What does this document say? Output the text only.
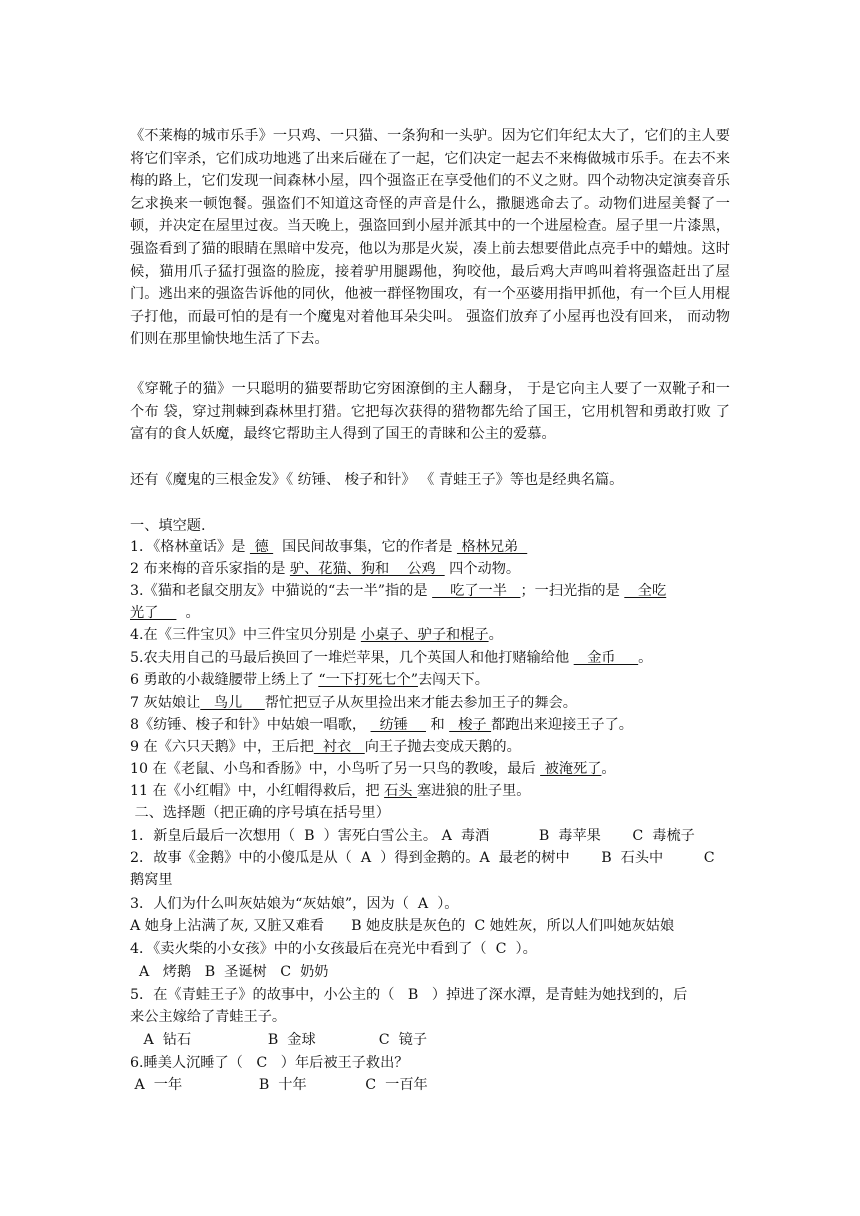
《不莱梅的城市乐手》一只鸡、一只猫、一条狗和一头驴。因为它们年纪太大了，它们的主人要将它们宰杀，它们成功地逃了出来后碰在了一起，它们决定一起去不来梅做城市乐手。在去不来梅的路上，它们发现一间森林小屋，四个强盗正在享受他们的不义之财。四个动物决定演奏音乐乞求换来一顿饱餐。强盗们不知道这奇怪的声音是什么，撒腿逃命去了。动物们进屋美餐了一顿，并决定在屋里过夜。当天晚上，强盗回到小屋并派其中的一个进屋检查。屋子里一片漆黑，强盗看到了猫的眼睛在黑暗中发亮，他以为那是火炭，凑上前去想要借此点亮手中的蜡烛。这时候，猫用爪子猛打强盗的脸庞，接着驴用腿踢他，狗咬他，最后鸡大声鸣叫着将强盗赶出了屋门。逃出来的强盗告诉他的同伙，他被一群怪物围攻，有一个巫婆用指甲抓他，有一个巨人用棍子打他，而最可怕的是有一个魔鬼对着他耳朵尖叫。 强盗们放弃了小屋再也没有回来， 而动物们则在那里愉快地生活了下去。

《穿靴子的猫》一只聪明的猫要帮助它穷困潦倒的主人翻身， 于是它向主人要了一双靴子和一个布 袋，穿过荆棘到森林里打猎。它把每次获得的猎物都先给了国王，它用机智和勇敢打败 了富有的食人妖魔，最终它帮助主人得到了国王的青睐和公主的爱慕。

还有《魔鬼的三根金发》《 纺锤、 梭子和针》 《 青蛙王子》等也是经典名篇。

一、填空题.
1．《格林童话》是  德   国民间故事集，它的作者是  格林兄弟
2 布来梅的音乐家指的是 驴、花猫、狗和    公鸡   四个动物。
3.《猫和老鼠交朋友》中猫说的“去一半”指的是     吃了一半   ；一扫光指的是    全吃
光了      。
4.在《三件宝贝》中三件宝贝分别是 小桌子、驴子和棍子。
5.农夫用自己的马最后换回了一堆烂苹果，几个英国人和他打赌输给他    金币     。
6 勇敢的小裁缝腰带上绣上了 “一下打死七个”去闯天下。
7 灰姑娘让   鸟儿     帮忙把豆子从灰里捡出来才能去参加王子的舞会。
8《纺锤、梭子和针》中姑娘一唱歌，   纺锤     和   梭子 都跑出来迎接王子了。
9 在《六只天鹅》中，王后把  衬衣   向王子抛去变成天鹅的。
10 在《老鼠、小鸟和香肠》中，小鸟听了另一只鸟的教唆，最后  被淹死了。
11 在《小红帽》中，小红帽得救后，把 石头 塞进狼的肚子里。
二、选择题（把正确的序号填在括号里）
1．新皇后最后一次想用（  B  ）害死白雪公主。 A  毒酒           B  毒苹果       C  毒梳子
2．故事《金鹅》中的小傻瓜是从（  A  ）得到金鹅的。A  最老的树中       B  石头中         C
鹅窝里
3．人们为什么叫灰姑娘为“灰姑娘”，因为（  A  ）。
A 她身上沾满了灰, 又脏又难看      B 她皮肤是灰色的  C 她姓灰，所以人们叫她灰姑娘
4．《卖火柴的小女孩》中的小女孩最后在亮光中看到了（  C  ）。
A   烤鹅   B  圣诞树   C  奶奶
5．在《青蛙王子》的故事中，小公主的（   B   ）掉进了深水潭，是青蛙为她找到的，后
来公主嫁给了青蛙王子。
A  钻石                 B  金球              C  镜子
6.睡美人沉睡了（   C   ）年后被王子救出？
A  一年                 B  十年             C  一百年
